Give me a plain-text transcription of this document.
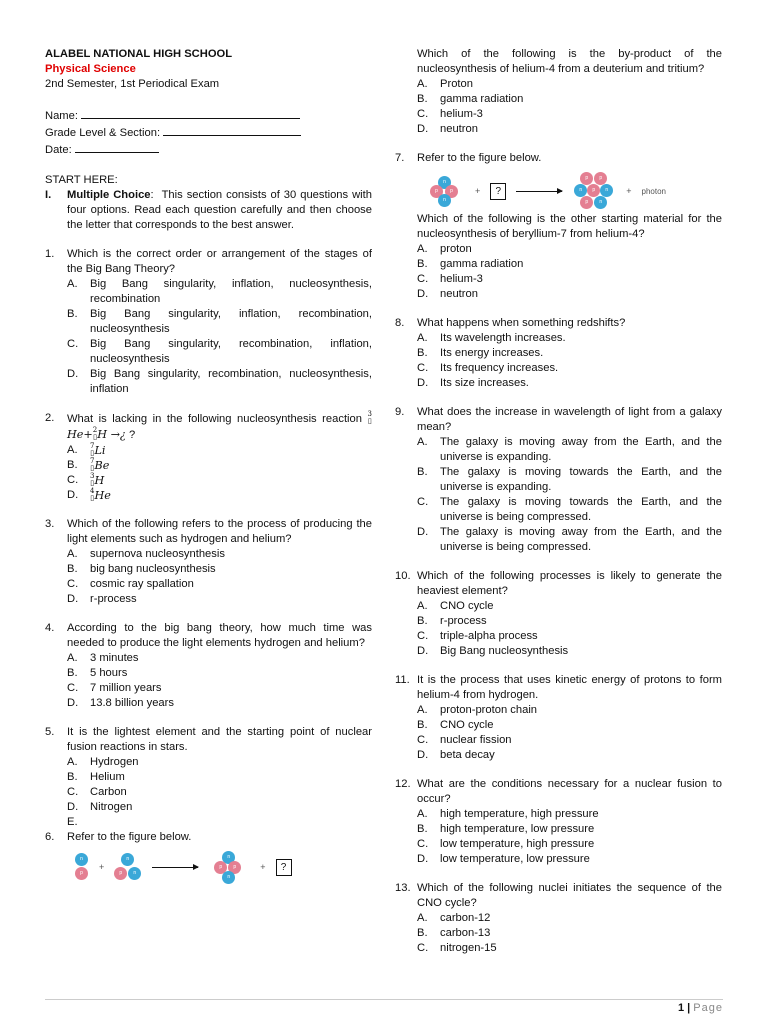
ALABEL NATIONAL HIGH SCHOOL
Physical Science
2nd Semester, 1st Periodical Exam
Name:
Grade Level & Section:
Date:
START HERE:
I.	Multiple Choice:  This section consists of 30 questions with four options. Read each question carefully and then choose the letter that corresponds to the best answer.
1.	Which is the correct order or arrangement of the stages of the Big Bang Theory?
A.	Big Bang singularity, inflation, nucleosynthesis, recombination
B.	Big Bang singularity, inflation, recombination, nucleosynthesis
C.	Big Bang singularity, recombination, inflation, nucleosynthesis
D.	Big Bang singularity, recombination, nucleosynthesis, inflation
2.	What is lacking in the following nucleosynthesis reaction 3
▯
He+ 2
▯ H →¿ ?
A.	7
▯ Li
B.	7
▯ Be
C.	3
▯ H
D.	4
▯ He
3.	Which of the following refers to the process of producing the light elements such as hydrogen and helium?
A.	supernova nucleosynthesis
B.	big bang nucleosynthesis
C.	cosmic ray spallation
D.	r-process
4.	According to the big bang theory, how much time was needed to produce the light elements hydrogen and helium?
A.	3 minutes
B.	5 hours
C.	7 million years
D.	13.8 billion years
5.	It is the lightest element and the starting point of nuclear fusion reactions in stars.
A.	Hydrogen
B.	Helium
C.	Carbon
D.	Nitrogen
E.
6.	Refer to the figure below.
n
p
+
n
p	n
n
p	p
n
+	?
Which of the following is the by-product of the nucleosynthesis of helium-4 from a deuterium and tritium?
A.	Proton
B.	gamma radiation
C.	helium-3
D.	neutron
7.	Refer to the figure below.
n
p	p
n
+	?
p	p
n	p	n
p	n
+ photon
Which of the following is the other starting material for the nucleosynthesis of beryllium-7 from helium-4?
A.	proton
B.	gamma radiation
C.	helium-3
D.	neutron
8.	What happens when something redshifts?
A.	Its wavelength increases.
B.	Its energy increases.
C.	Its frequency increases.
D.	Its size increases.
9.	What does the increase in wavelength of light from a galaxy mean?
A.	The galaxy is moving away from the Earth, and the universe is expanding.
B.	The galaxy is moving towards the Earth, and the universe is expanding.
C.	The galaxy is moving towards the Earth, and the universe is being compressed.
D.	The galaxy is moving away from the Earth, and the universe is being compressed.
10. Which of the following processes is likely to generate the heaviest element?
A.	CNO cycle
B.	r-process
C.	triple-alpha process
D.	Big Bang nucleosynthesis
11. It is the process that uses kinetic energy of protons to form helium-4 from hydrogen.
A.	proton-proton chain
B.	CNO cycle
C.	nuclear fission
D.	beta decay
12. What are the conditions necessary for a nuclear fusion to occur?
A.	high temperature, high pressure
B.	high temperature, low pressure
C.	low temperature, high pressure
D.	low temperature, low pressure
13. Which of the following nuclei initiates the sequence of the CNO cycle?
A.	carbon-12
B.	carbon-13
C.	nitrogen-15
1 | Page
